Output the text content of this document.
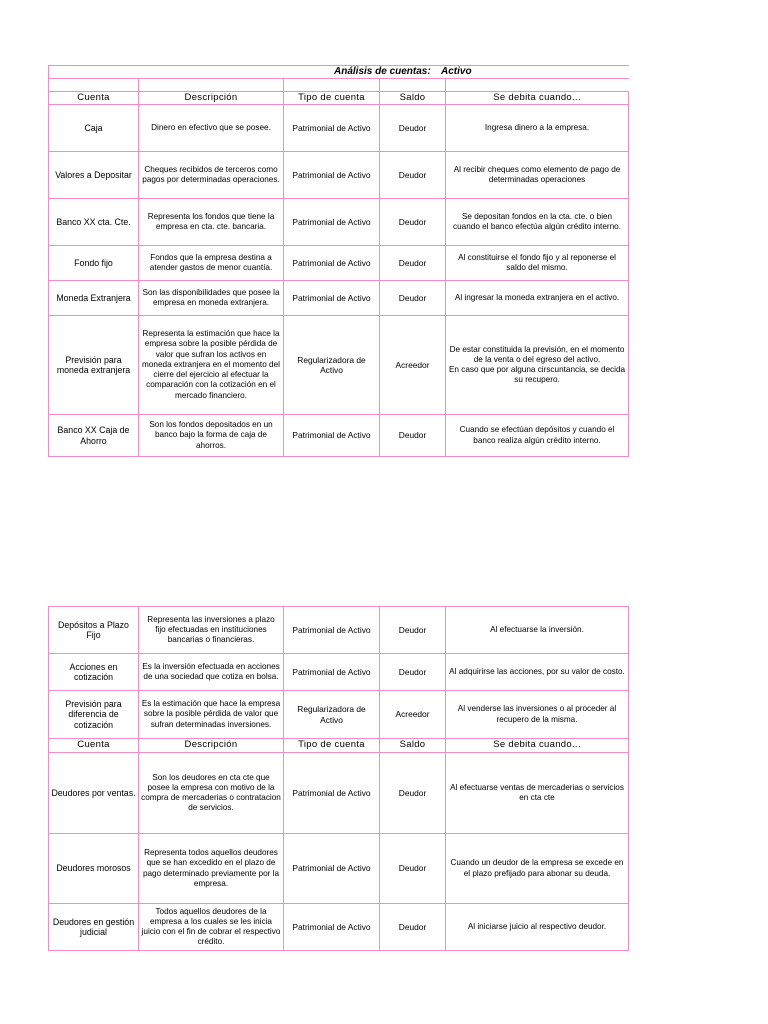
Análisis de cuentas: Activo				

Cuenta	Descripción	Tipo de cuenta	Saldo	Se debita cuando...
Caja	Dinero en efectivo que se posee.	Patrimonial de Activo	Deudor	Ingresa dinero a la empresa.
Valores a Depositar	Cheques recibidos de terceros como pagos por determinadas operaciones.	Patrimonial de Activo	Deudor	Al recibir cheques como elemento de pago de determinadas operaciones
Banco XX cta. Cte.	Representa los fondos que tiene la empresa en cta. cte. bancaria.	Patrimonial de Activo	Deudor	Se depositan fondos en la cta. cte. o bien cuando el banco efectúa algún crédito interno.
Fondo fijo	Fondos que la empresa destina a atender gastos de menor cuantía.	Patrimonial de Activo	Deudor	Al constituirse el fondo fijo y al reponerse el saldo del mismo.
Moneda Extranjera	Son las disponibilidades que posee la empresa en moneda extranjera.	Patrimonial de Activo	Deudor	Al ingresar la moneda extranjera en el activo.
Previsión para moneda extranjera	Representa la estimación que hace la empresa sobre la posible pérdida de valor que sufran los activos en moneda extranjera en el momento del cierre del ejercicio al efectuar la comparación con la cotización en el mercado financiero.	Regularizadora de Activo	Acreedor	De estar constituida la previsión, en el momento de la venta o del egreso del activo.
En caso que por alguna cirscuntancia, se decida su recupero.
Banco XX Caja de Ahorro	Son los fondos depositados en un banco bajo la forma de caja de ahorros.	Patrimonial de Activo	Deudor	Cuando se efectúan depósitos y cuando el banco realiza algún crédito interno.
Depósitos a Plazo Fijo	Representa las inversiones a plazo fijo efectuadas en instituciones bancarias o financieras.	Patrimonial de Activo	Deudor	Al efectuarse la inversión.
Acciones en cotización	Es la inversión efectuada en acciones de una sociedad que cotiza en bolsa.	Patrimonial de Activo	Deudor	Al adquirirse las acciones, por su valor de costo.
Previsión para diferencia de cotización	Es la estimación que hace la empresa sobre la posible pérdida de valor que sufran determinadas inversiones.	Regularizadora de Activo	Acreedor	Al venderse las inversiones o al proceder al recupero de la misma.
Cuenta	Descripción	Tipo de cuenta	Saldo	Se debita cuando...
Deudores por ventas.	Son los deudores en cta cte que posee la empresa con motivo de la compra de mercaderias o contratacion de servicios.	Patrimonial de Activo	Deudor	Al efectuarse ventas de mercaderias o servicios en cta cte
Deudores morosos	Representa todos aquellos deudores que se han excedido en el plazo de pago determinado previamente por la empresa.	Patrimonial de Activo	Deudor	Cuando un deudor de la empresa se excede en el plazo prefijado para abonar su deuda.
Deudores en gestión judicial	Todos aquellos deudores de la empresa a los cuales se les inicia juicio con el fin de cobrar el respectivo crédito.	Patrimonial de Activo	Deudor	Al iniciarse juicio al respectivo deudor.
